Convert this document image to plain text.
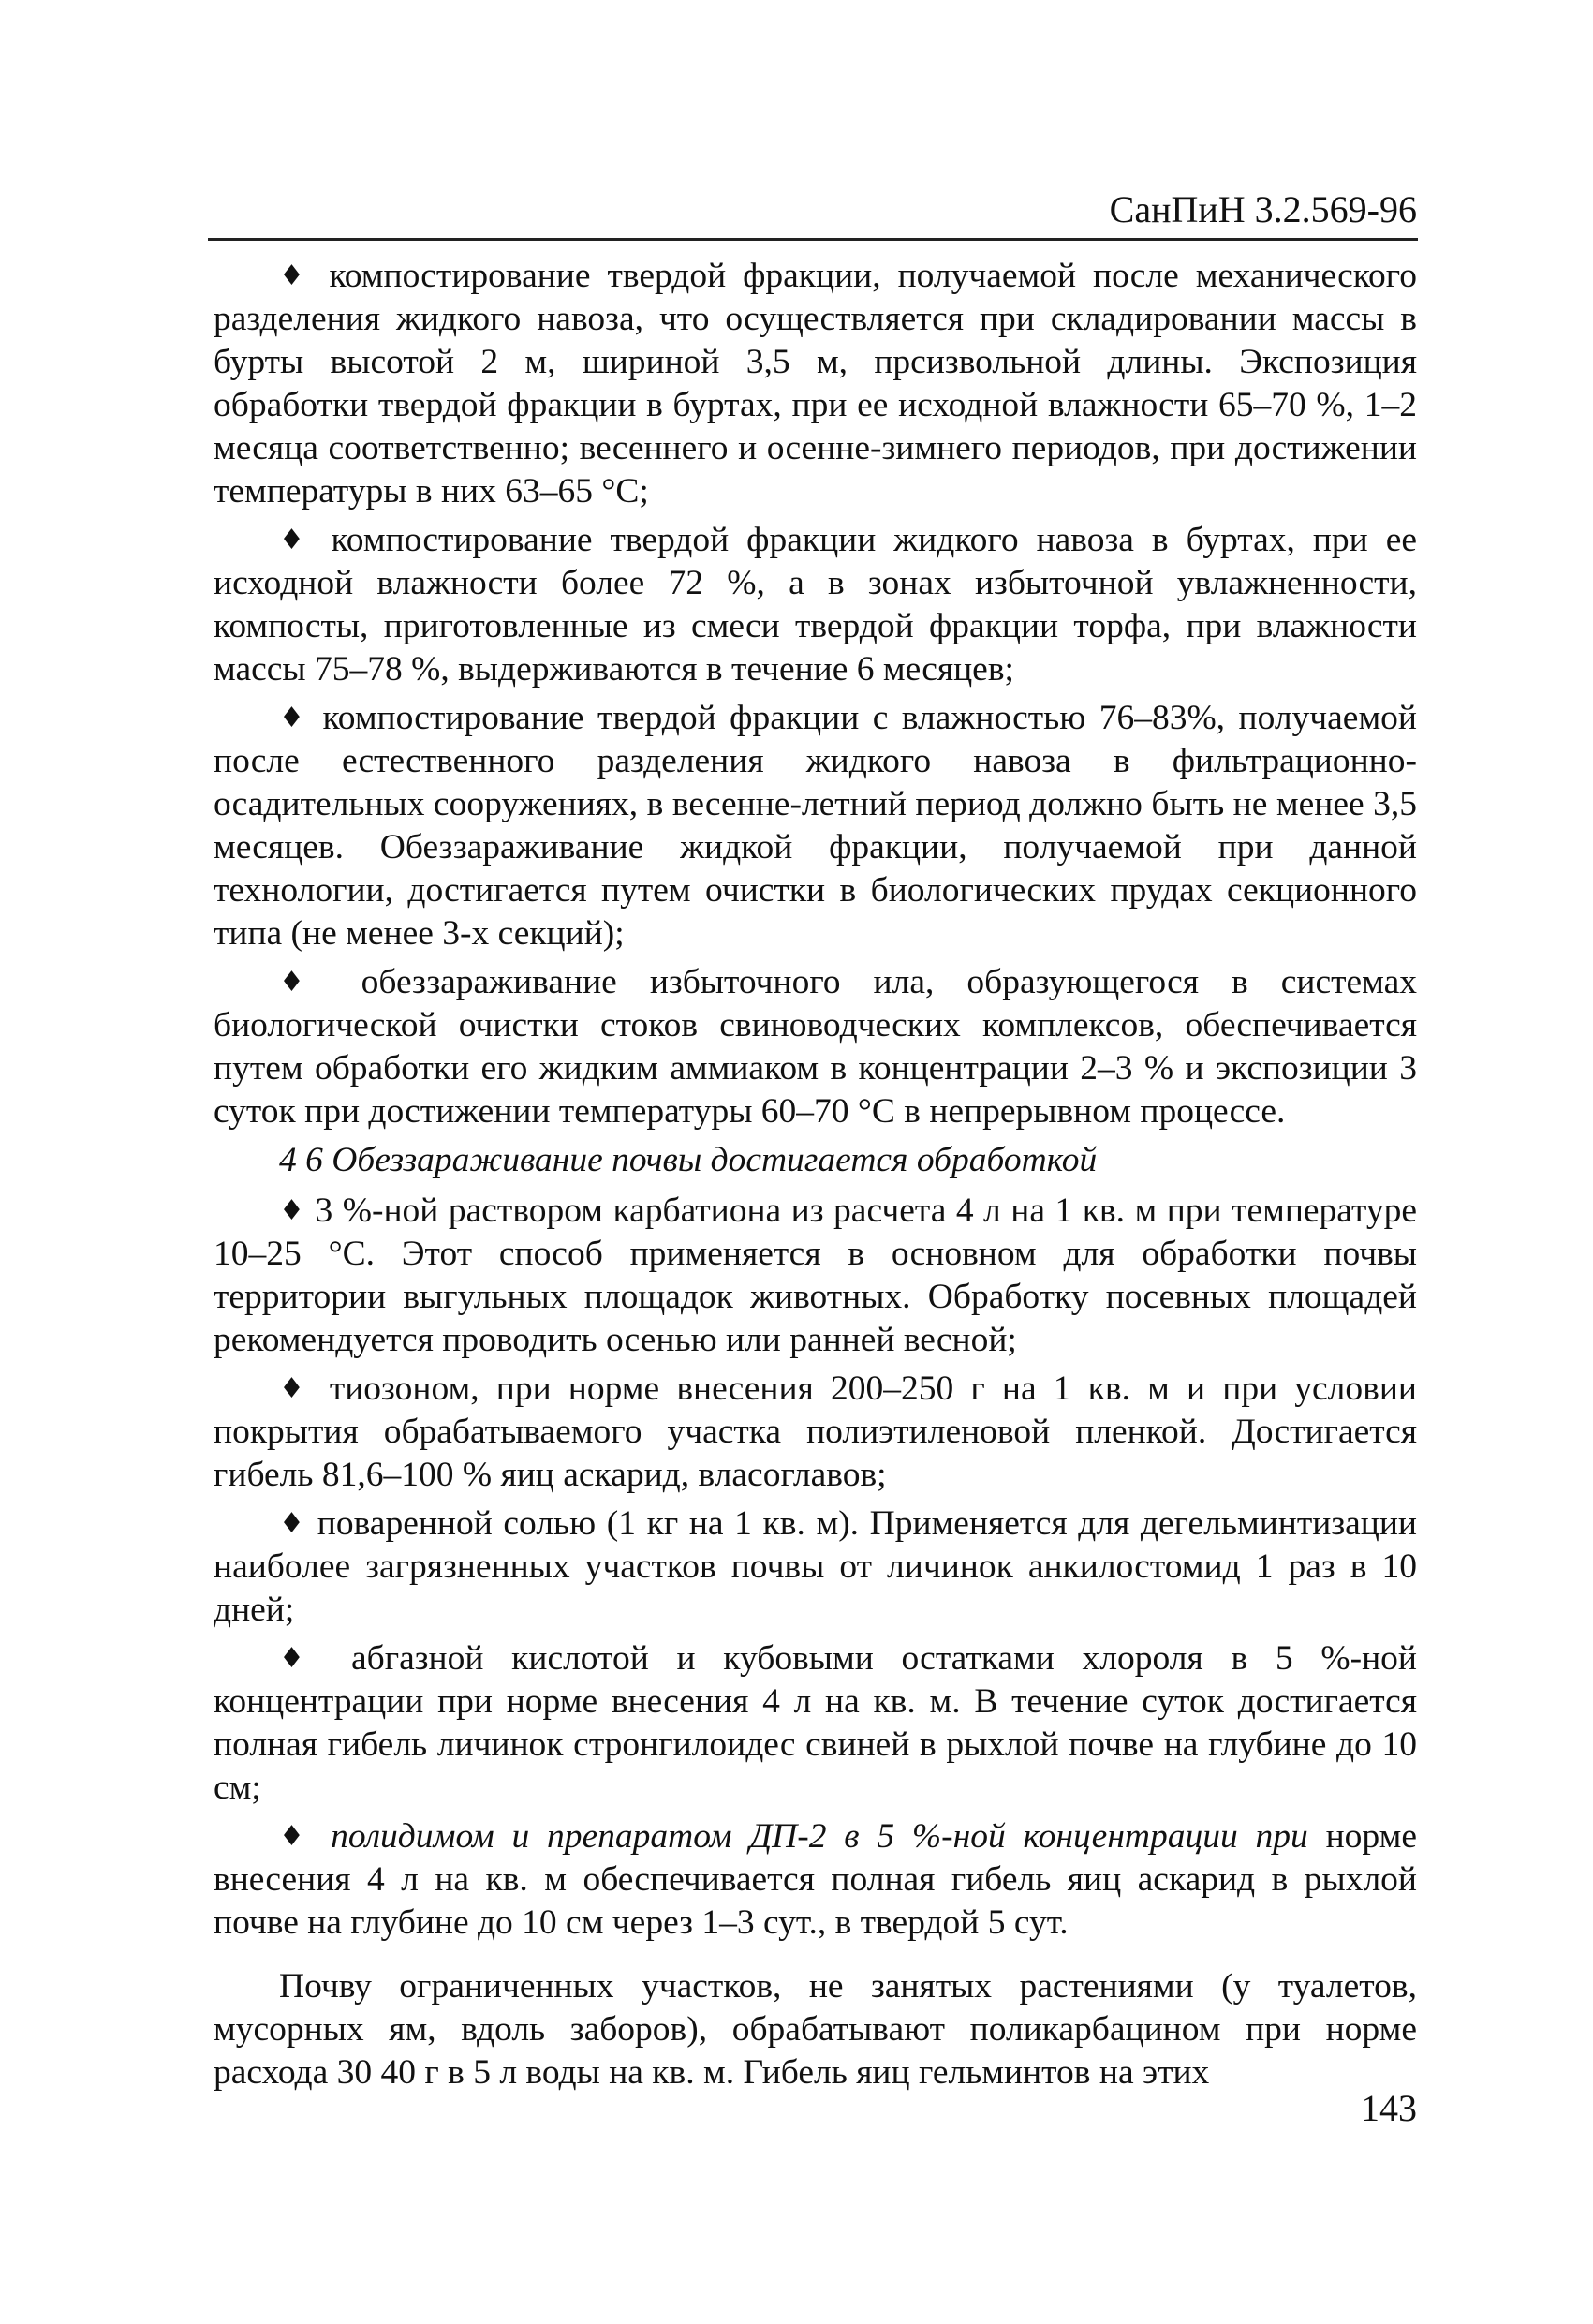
СанПиН 3.2.569-96

♦ компостирование твердой фракции, получаемой после механического разделения жидкого навоза, что осуществляется при складировании массы в бурты высотой 2 м, шириной 3,5 м, прсизвольной длины. Экспозиция обработки твердой фракции в буртах, при ее исходной влажности 65–70 %, 1–2 месяца соответственно; весеннего и осенне-зимнего периодов, при достижении температуры в них 63–65 °С;

♦ компостирование твердой фракции жидкого навоза в буртах, при ее исходной влажности более 72 %, а в зонах избыточной увлажненности, компосты, приготовленные из смеси твердой фракции торфа, при влажности массы 75–78 %, выдерживаются в течение 6 месяцев;

♦ компостирование твердой фракции с влажностью 76–83%, получаемой после естественного разделения жидкого навоза в фильтрационно-осадительных сооружениях, в весенне-летний период должно быть не менее 3,5 месяцев. Обеззараживание жидкой фракции, получаемой при данной технологии, достигается путем очистки в биологических прудах секционного типа (не менее 3-х секций);

♦ обеззараживание избыточного ила, образующегося в системах биологической очистки стоков свиноводческих комплексов, обеспечивается путем обработки его жидким аммиаком в концентрации 2–3 % и экспозиции 3 суток при достижении температуры 60–70 °С в непрерывном процессе.

4 6 Обеззараживание почвы достигается обработкой

♦ 3 %-ной раствором карбатиона из расчета 4 л на 1 кв. м при температуре 10–25 °С. Этот способ применяется в основном для обработки почвы территории выгульных площадок животных. Обработку посевных площадей рекомендуется проводить осенью или ранней весной;

♦ тиозоном, при норме внесения 200–250 г на 1 кв. м и при условии покрытия обрабатываемого участка полиэтиленовой пленкой. Достигается гибель 81,6–100 % яиц аскарид, власоглавов;

♦ поваренной солью (1 кг на 1 кв. м). Применяется для дегельминтизации наиболее загрязненных участков почвы от личинок анкилостомид 1 раз в 10 дней;

♦ абгазной кислотой и кубовыми остатками хлороля в 5 %-ной концентрации при норме внесения 4 л на кв. м. В течение суток достигается полная гибель личинок стронгилоидес свиней в рыхлой почве на глубине до 10 см;

♦ полидимом и препаратом ДП-2 в 5 %-ной концентрации при норме внесения 4 л на кв. м обеспечивается полная гибель яиц аскарид в рыхлой почве на глубине до 10 см через 1–3 сут., в твердой 5 сут.

Почву ограниченных участков, не занятых растениями (у туалетов, мусорных ям, вдоль заборов), обрабатывают поликарбацином при норме расхода 30 40 г в 5 л воды на кв. м. Гибель яиц гельминтов на этих

143
